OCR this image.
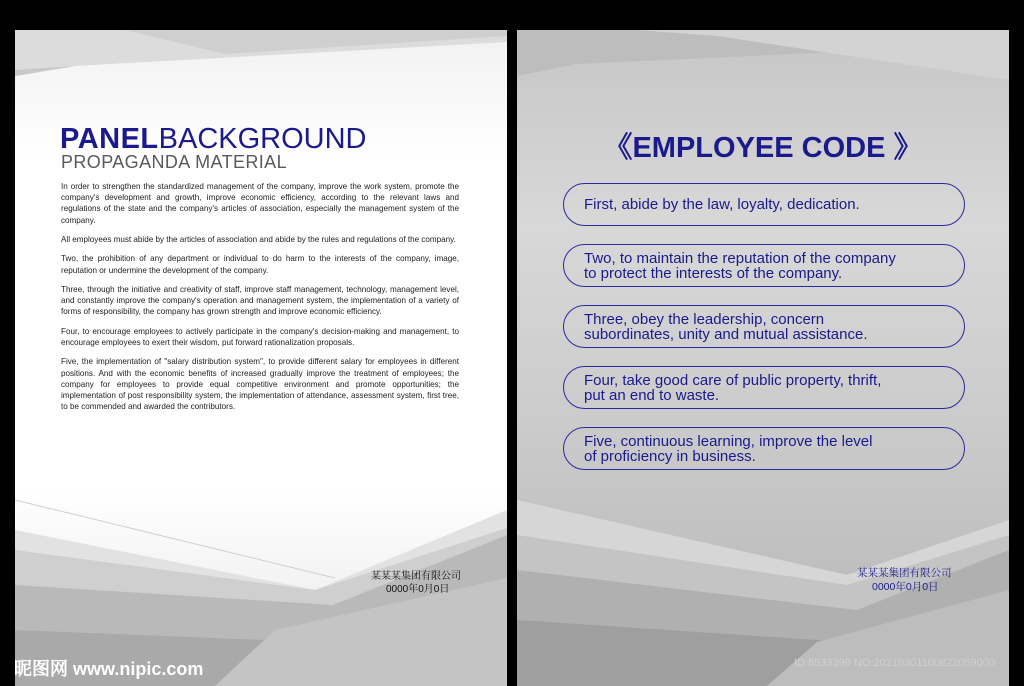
PANELBACKGROUND
PROPAGANDA MATERIAL

In order to strengthen the standardized management of the company, improve the work system, promote the company's development and growth, improve economic efficiency, according to the relevant laws and regulations of the state and the company's articles of association, especially the management system of the company.

All employees must abide by the articles of association and abide by the rules and regulations of the company.

Two, the prohibition of any department or individual to do harm to the interests of the company, image, reputation or undermine the development of the company.

Three, through the initiative and creativity of staff, improve staff management, technology, management level, and constantly improve the company's operation and management system, the implementation of a variety of forms of responsibility, the company has grown strength and improve economic efficiency.

Four, to encourage employees to actively participate in the company's decision-making and management, to encourage employees to exert their wisdom, put forward rationalization proposals.

Five, the implementation of "salary distribution system", to provide different salary for employees in different positions. And with the economic benefits of increased gradually improve the treatment of employees; the company for employees to provide equal competitive environment and promote opportunities; the implementation of post responsibility system, the implementation of attendance, assessment system, first tree, to be commended and awarded the contributors.

某某某集团有限公司
0000年0月0日
《EMPLOYEE CODE 》
First, abide by the law, loyalty, dedication.
Two, to maintain the reputation of the company
to protect the interests of the company.
Three, obey the leadership, concern
subordinates, unity and mutual assistance.
Four, take good care of public property, thrift,
put an end to waste.
Five, continuous learning, improve the level
of proficiency in business.
某某某集团有限公司
0000年0月0日
昵图网 www.nipic.com	ID:8533399 NO:20210301100822059000
